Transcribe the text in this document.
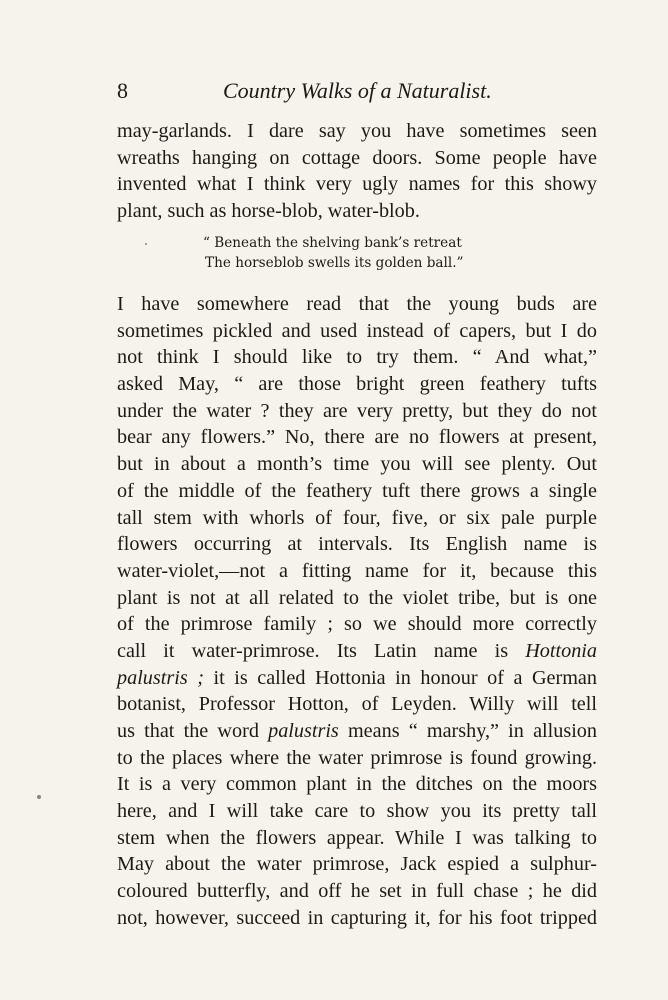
8	Country Walks of a Naturalist.
may-garlands. I dare say you have sometimes seen
wreaths hanging on cottage doors. Some people have
invented what I think very ugly names for this showy
plant, such as horse-blob, water-blob.
“ Beneath the shelving bank’s retreat
The horseblob swells its golden ball.”
I have somewhere read that the young buds are
sometimes pickled and used instead of capers, but I do
not think I should like to try them. “ And what,”
asked May, “ are those bright green feathery tufts
under the water ? they are very pretty, but they do not
bear any flowers.” No, there are no flowers at present,
but in about a month’s time you will see plenty. Out
of the middle of the feathery tuft there grows a single
tall stem with whorls of four, five, or six pale purple
flowers occurring at intervals. Its English name is
water-violet,—not a fitting name for it, because this
plant is not at all related to the violet tribe, but is one
of the primrose family ; so we should more correctly
call it water-primrose. Its Latin name is Hottonia
palustris ; it is called Hottonia in honour of a German
botanist, Professor Hotton, of Leyden. Willy will tell
us that the word palustris means “ marshy,” in allusion
to the places where the water primrose is found growing.
It is a very common plant in the ditches on the moors
here, and I will take care to show you its pretty tall
stem when the flowers appear. While I was talking to
May about the water primrose, Jack espied a sulphur-
coloured butterfly, and off he set in full chase ; he did
not, however, succeed in capturing it, for his foot tripped
